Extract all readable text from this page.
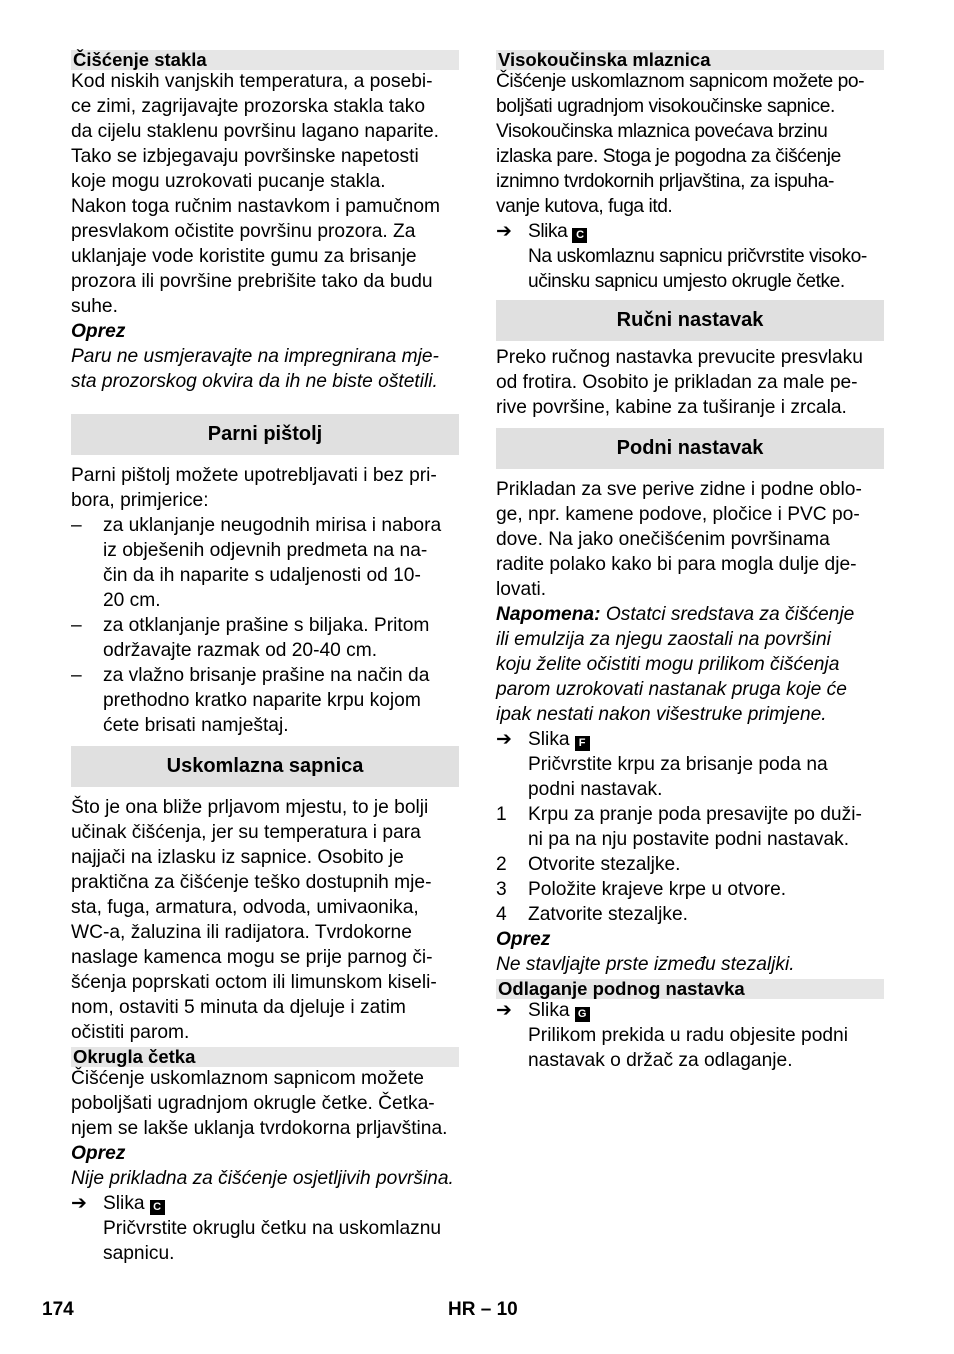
Čišćenje stakla

Kod niskih vanjskih temperatura, a posebi-

ce zimi, zagrijavajte prozorska stakla tako

da cijelu staklenu površinu lagano naparite.

Tako se izbjegavaju površinske napetosti

koje mogu uzrokovati pucanje stakla.

Nakon toga ručnim nastavkom i pamučnom

presvlakom očistite površinu prozora. Za

uklanjaje vode koristite gumu za brisanje

prozora ili površine prebrišite tako da budu

suhe.

Oprez

Paru ne usmjeravajte na impregnirana mje-

sta prozorskog okvira da ih ne biste oštetili.

Parni pištolj

Parni pištolj možete upotrebljavati i bez pri-

bora, primjerice:

–	za uklanjanje neugodnih mirisa i nabora
iz obješenih odjevnih predmeta na na-
čin da ih naparite s udaljenosti od 10-
20 cm.
–	za otklanjanje prašine s biljaka. Pritom
održavajte razmak od 20-40 cm.
–	za vlažno brisanje prašine na način da
prethodno kratko naparite krpu kojom
ćete brisati namještaj.
Uskomlazna sapnica

Što je ona bliže prljavom mjestu, to je bolji

učinak čišćenja, jer su temperatura i para

najjači na izlasku iz sapnice. Osobito je

praktična za čišćenje teško dostupnih mje-

sta, fuga, armatura, odvoda, umivaonika,

WC-a, žaluzina ili radijatora. Tvrdokorne

naslage kamenca mogu se prije parnog či-

šćenja poprskati octom ili limunskom kiseli-

nom, ostaviti 5 minuta da djeluje i zatim

očistiti parom.

Okrugla četka

Čišćenje uskomlaznom sapnicom možete

poboljšati ugradnjom okrugle četke. Četka-

njem se lakše uklanja tvrdokorna prljavština.

Oprez

Nije prikladna za čišćenje osjetljivih površina.

➔ Slika C
Pričvrstite okruglu četku na uskomlaznu
sapnicu.
Visokoučinska mlaznica

Čišćenje uskomlaznom sapnicom možete po-

boljšati ugradnjom visokoučinske sapnice.

Visokoučinska mlaznica povećava brzinu

izlaska pare. Stoga je pogodna za čišćenje

iznimno tvrdokornih prljavština, za ispuha-

vanje kutova, fuga itd.

➔ Slika C
Na uskomlaznu sapnicu pričvrstite visoko-
učinsku sapnicu umjesto okrugle četke.
Ručni nastavak

Preko ručnog nastavka prevucite presvlaku

od frotira. Osobito je prikladan za male pe-

rive površine, kabine za tuširanje i zrcala.

Podni nastavak

Prikladan za sve perive zidne i podne oblo-

ge, npr. kamene podove, pločice i PVC po-

dove. Na jako onečišćenim površinama

radite polako kako bi para mogla dulje dje-

lovati.

Napomena: Ostatci sredstava za čišćenje

ili emulzija za njegu zaostali na površini

koju želite očistiti mogu prilikom čišćenja

parom uzrokovati nastanak pruga koje će

ipak nestati nakon višestruke primjene.

➔ Slika F
Pričvrstite krpu za brisanje poda na
podni nastavak.
1	Krpu za pranje poda presavijte po duži-
ni pa na nju postavite podni nastavak.
2	Otvorite stezaljke.
3	Položite krajeve krpe u otvore.
4	Zatvorite stezaljke.

Oprez

Ne stavljajte prste između stezaljki.

Odlaganje podnog nastavka
➔ Slika G
Prilikom prekida u radu objesite podni
nastavak o držač za odlaganje.
174	HR – 10
